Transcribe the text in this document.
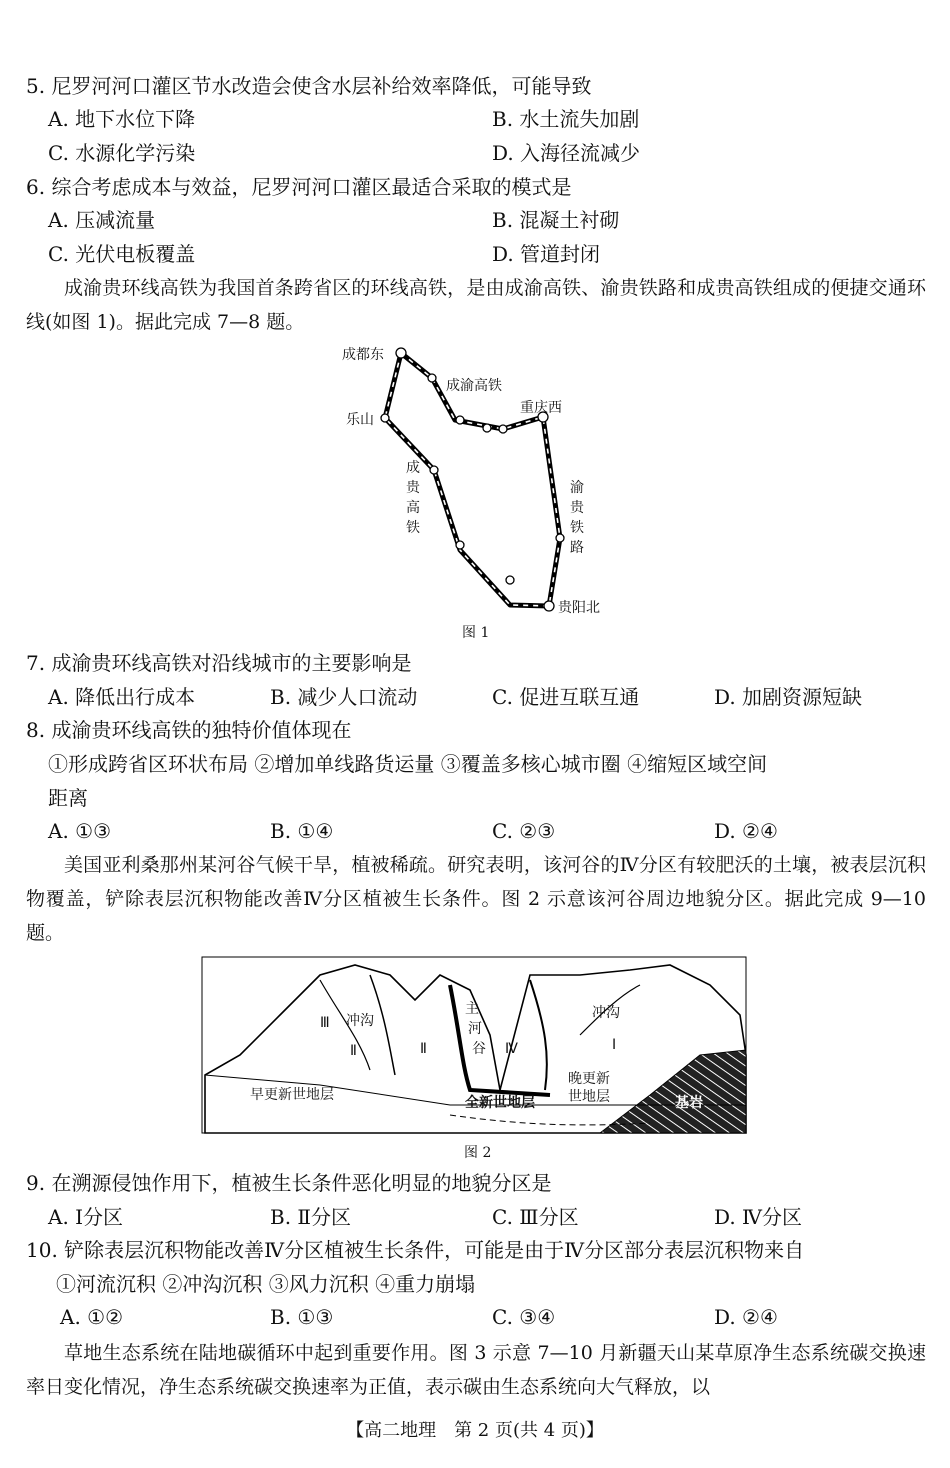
5. 尼罗河河口灌区节水改造会使含水层补给效率降低，可能导致
A. 地下水位下降	B. 水土流失加剧
C. 水源化学污染	D. 入海径流减少
6. 综合考虑成本与效益，尼罗河河口灌区最适合采取的模式是
A. 压减流量	B. 混凝土衬砌
C. 光伏电板覆盖	D. 管道封闭
成渝贵环线高铁为我国首条跨省区的环线高铁，是由成渝高铁、渝贵铁路和成贵高铁组成的便捷交通环线(如图 1)。据此完成 7—8 题。
成都东
乐山
成渝高铁
重庆西
贵阳北
成
贵
高
铁
渝
贵
铁
路
图 1
7. 成渝贵环线高铁对沿线城市的主要影响是
A. 降低出行成本	B. 减少人口流动	C. 促进互联互通	D. 加剧资源短缺
8. 成渝贵环线高铁的独特价值体现在
①形成跨省区环状布局 ②增加单线路货运量 ③覆盖多核心城市圈 ④缩短区域空间
距离
A. ①③	B. ①④	C. ②③	D. ②④
美国亚利桑那州某河谷气候干旱，植被稀疏。研究表明，该河谷的Ⅳ分区有较肥沃的土壤，被表层沉积物覆盖，铲除表层沉积物能改善Ⅳ分区植被生长条件。图 2 示意该河谷周边地貌分区。据此完成 9—10 题。
早更新世地层	全新世地层
晚更新
世地层	基岩
冲沟	冲沟
主
河
谷 Ⅳ	Ⅰ
Ⅱ	Ⅱ
Ⅲ
图 2
9. 在溯源侵蚀作用下，植被生长条件恶化明显的地貌分区是
A. Ⅰ分区	B. Ⅱ分区	C. Ⅲ分区	D. Ⅳ分区
10. 铲除表层沉积物能改善Ⅳ分区植被生长条件，可能是由于Ⅳ分区部分表层沉积物来自
①河流沉积 ②冲沟沉积 ③风力沉积 ④重力崩塌
A. ①②	B. ①③	C. ③④	D. ②④
草地生态系统在陆地碳循环中起到重要作用。图 3 示意 7—10 月新疆天山某草原净生态系统碳交换速率日变化情况，净生态系统碳交换速率为正值，表示碳由生态系统向大气释放，以
【高二地理　第 2 页(共 4 页)】
